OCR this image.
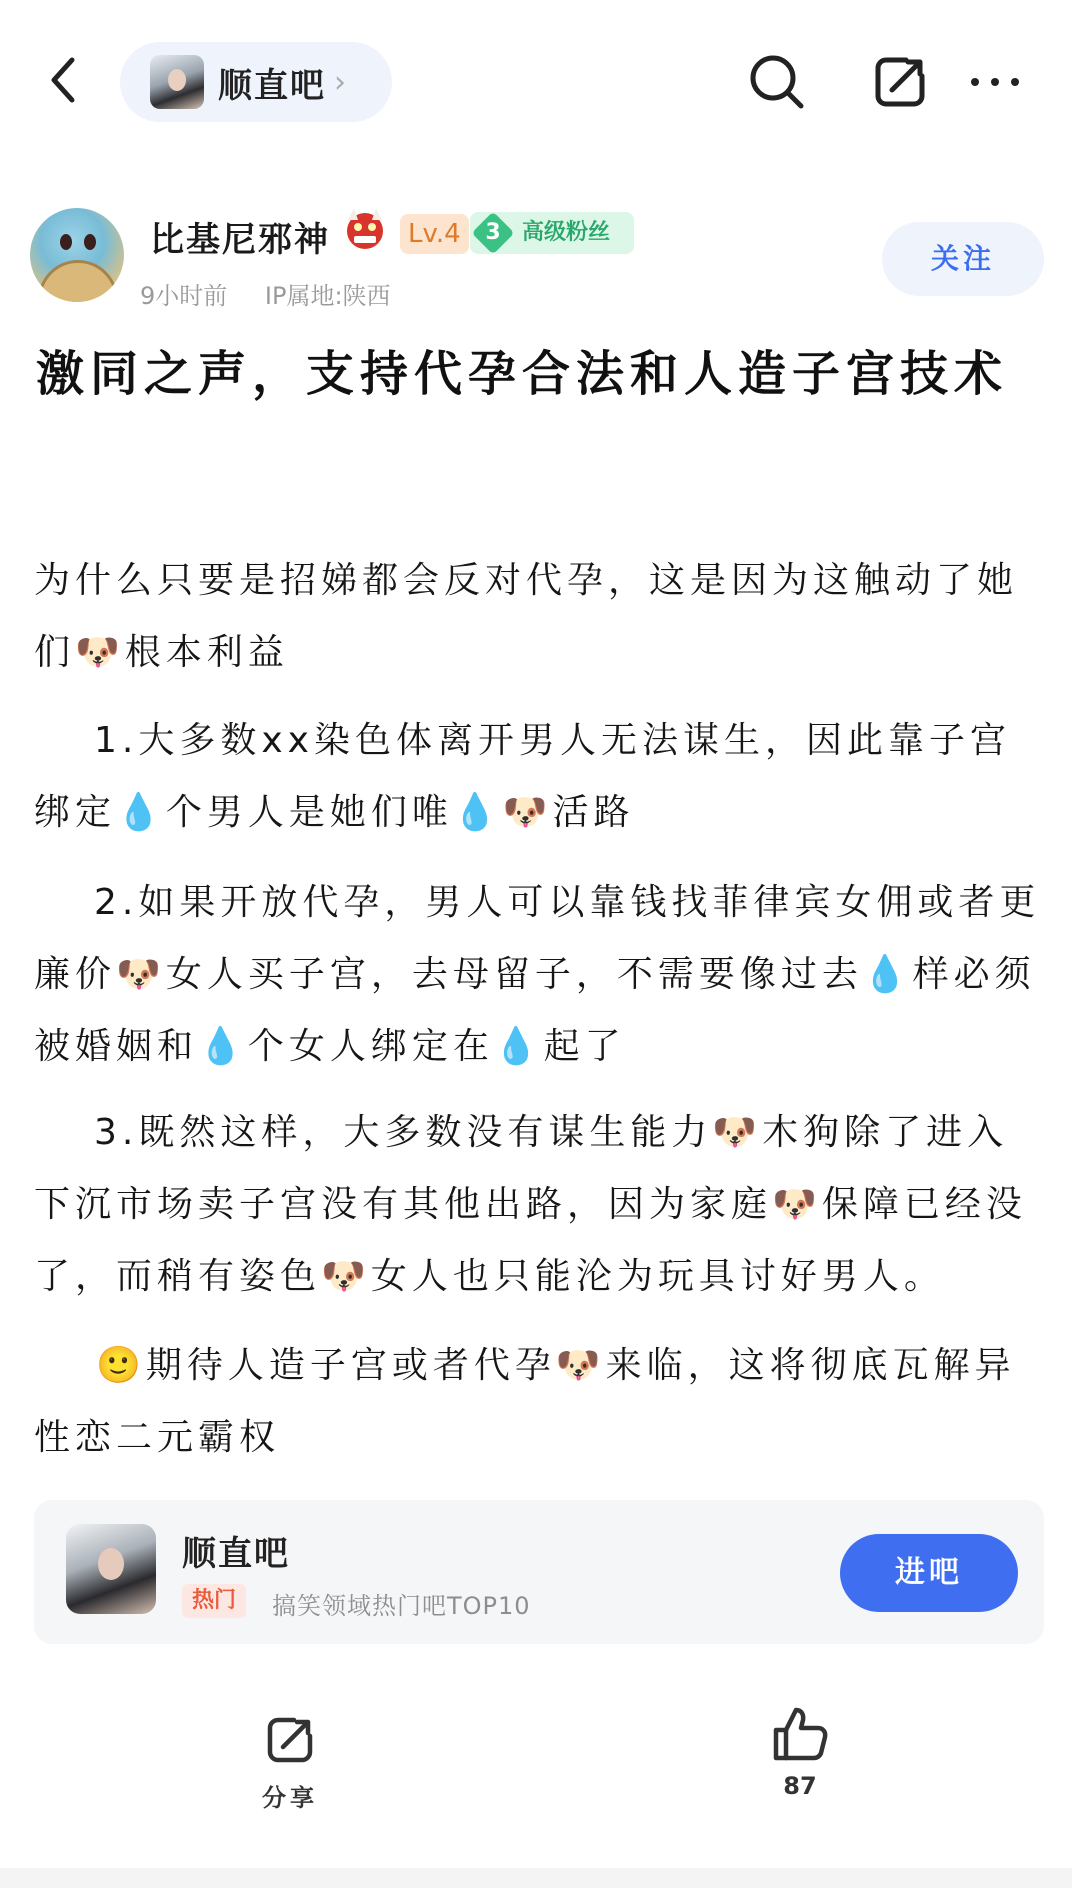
顺直吧 ›
比基尼邪神	Lv.4	3 高级粉丝
9小时前 IP属地:陕西
关注
激同之声，支持代孕合法和人造子宫技术

为什么只要是招娣都会反对代孕，这是因为这触动了她们🐶根本利益

1.大多数xx染色体离开男人无法谋生，因此靠子宫绑定💧个男人是她们唯💧🐶活路

2.如果开放代孕，男人可以靠钱找菲律宾女佣或者更廉价🐶女人买子宫，去母留子，不需要像过去💧样必须被婚姻和💧个女人绑定在💧起了

3.既然这样，大多数没有谋生能力🐶木狗除了进入下沉市场卖子宫没有其他出路，因为家庭🐶保障已经没了，而稍有姿色🐶女人也只能沦为玩具讨好男人。

🙂期待人造子宫或者代孕🐶来临，这将彻底瓦解异性恋二元霸权

顺直吧
热门	搞笑领域热门吧TOP10
进吧
分享	87
